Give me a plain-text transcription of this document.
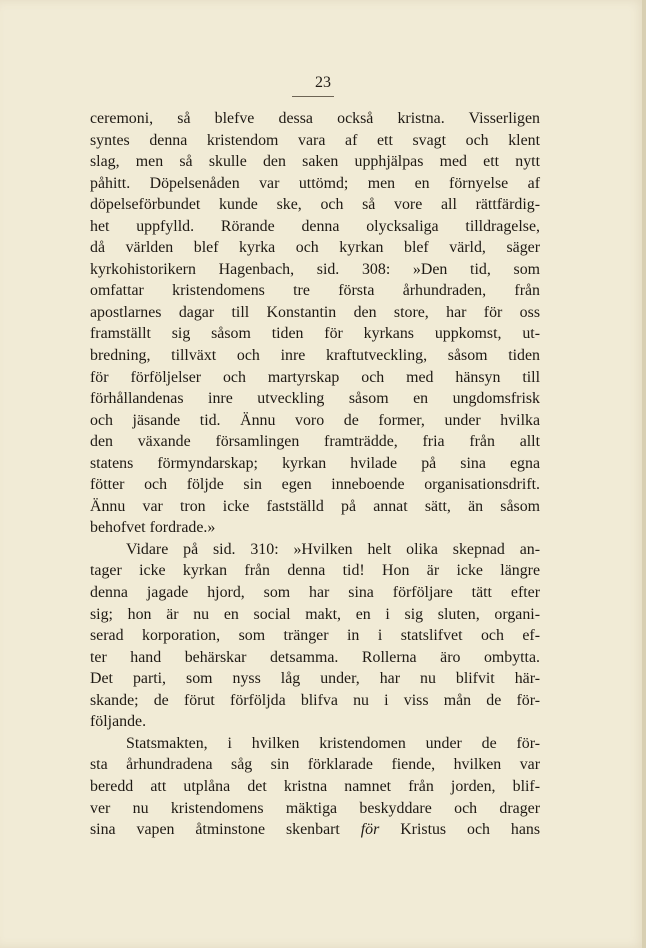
23
ceremoni, så blefve dessa också kristna. Visserligen
syntes denna kristendom vara af ett svagt och klent
slag, men så skulle den saken upphjälpas med ett nytt
påhitt. Döpelsenåden var uttömd; men en förnyelse af
döpelseförbundet kunde ske, och så vore all rättfärdig-
het uppfylld. Rörande denna olycksaliga tilldragelse,
då världen blef kyrka och kyrkan blef värld, säger
kyrkohistorikern Hagenbach, sid. 308: »Den tid, som
omfattar kristendomens tre första århundraden, från
apostlarnes dagar till Konstantin den store, har för oss
framställt sig såsom tiden för kyrkans uppkomst, ut-
bredning, tillväxt och inre kraftutveckling, såsom tiden
för förföljelser och martyrskap och med hänsyn till
förhållandenas inre utveckling såsom en ungdomsfrisk
och jäsande tid. Ännu voro de former, under hvilka
den växande församlingen framträdde, fria från allt
statens förmyndarskap; kyrkan hvilade på sina egna
fötter och följde sin egen inneboende organisationsdrift.
Ännu var tron icke fastställd på annat sätt, än såsom
behofvet fordrade.»
Vidare på sid. 310: »Hvilken helt olika skepnad an-
tager icke kyrkan från denna tid! Hon är icke längre
denna jagade hjord, som har sina förföljare tätt efter
sig; hon är nu en social makt, en i sig sluten, organi-
serad korporation, som tränger in i statslifvet och ef-
ter hand behärskar detsamma. Rollerna äro ombytta.
Det parti, som nyss låg under, har nu blifvit här-
skande; de förut förföljda blifva nu i viss mån de för-
följande.
Statsmakten, i hvilken kristendomen under de för-
sta århundradena såg sin förklarade fiende, hvilken var
beredd att utplåna det kristna namnet från jorden, blif-
ver nu kristendomens mäktiga beskyddare och drager
sina vapen åtminstone skenbart för Kristus och hans
